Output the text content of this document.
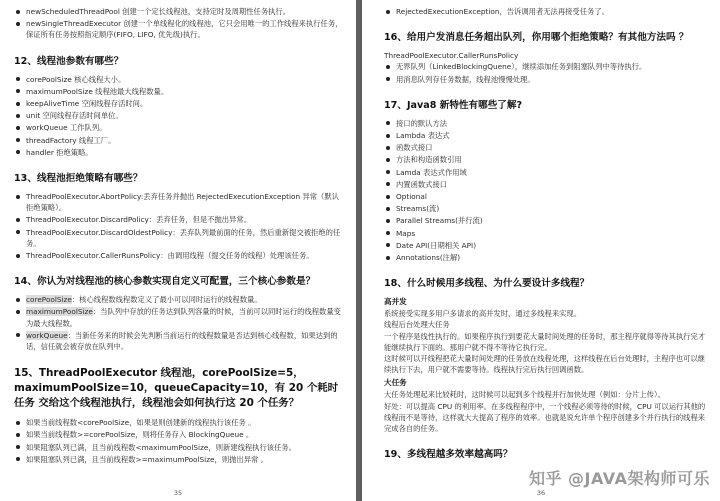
newScheduledThreadPool 创建一个定长线程池，支持定时及周期性任务执行。
newSingleThreadExecutor 创建一个单线程化的线程池，它只会用唯一的工作线程来执行任务，保证所有任务按照指定顺序(FIFO, LIFO, 优先级)执行。
12、线程池参数有哪些？
corePoolSize 核心线程大小。
maximumPoolSize 线程池最大线程数量。
keepAliveTime 空闲线程存活时间。
unit 空间线程存活时间单位。
workQueue 工作队列。
threadFactory 线程工厂。
handler 拒绝策略。
13、线程池拒绝策略有哪些？
ThreadPoolExecutor.AbortPolicy:丢弃任务并抛出 RejectedExecutionException 异常（默认拒绝策略）。
ThreadPoolExecutor.DiscardPolicy：丢弃任务，但是不抛出异常。
ThreadPoolExecutor.DiscardOldestPolicy：丢弃队列最前面的任务，然后重新提交被拒绝的任务。
ThreadPoolExecutor.CallerRunsPolicy：由调用线程（提交任务的线程）处理该任务。
14、你认为对线程池的核心参数实现自定义可配置，三个核心参数是？
corePoolSize：核心线程数线程数定义了最小可以同时运行的线程数量。
maximumPoolSize：当队列中存放的任务达到队列容量的时候，当前可以同时运行的线程数量变为最大线程数。
workQueue：当新任务来的时候会先判断当前运行的线程数量是否达到核心线程数，如果达到的话，信任就会被存放在队列中。
15、ThreadPoolExecutor 线程池，corePoolSize=5，maximumPoolSize=10，queueCapacity=10，有 20 个耗时任务 交给这个线程池执行，线程池会如何执行这 20 个任务？
如果当前线程数<corePoolSize，如果是则创建新的线程执行该任务 。
如果当前线程数>=corePoolSize，则将任务存入 BlockingQueue 。
如果阻塞队列已满，且当前线程数<maximumPoolSize，则新建线程执行该任务。
如果阻塞队列已满，且当前线程数>=maximumPoolSize，则抛出异常 。
35
RejectedExecutionException，告诉调用者无法再接受任务了。
16、给用户发消息任务超出队列，你用哪个拒绝策略？有其他方法吗 ？

ThreadPoolExecutor.CallerRunsPolicy

无界队列（LinkedBlockingQuene），继续添加任务到阻塞队列中等待执行。
用消息队列存任务数据，线程池慢慢处理。
17、Java8 新特性有哪些了解?
接口的默认方法
Lambda 表达式
函数式接口
方法和构造函数引用
Lamda 表达式作用域
内置函数式接口
Optional
Streams(流)
Parallel Streams(并行流)
Maps
Date API(日期相关 API)
Annotations(注解)
18、什么时候用多线程、为什么要设计多线程？
高并发

系统接受实现多用户多请求的高并发时，通过多线程来实现。

线程后台处理大任务

一个程序是线性执行的。如果程序执行到要花大量时间处理的任务时，那主程序就得等待其执行完才能继续执行下面的。那用户就不得不等待它执行完。

这时候可以开线程把花大量时间处理的任务放在线程处理，这样线程在后台处理时，主程序也可以继续执行下去，用户就不需要等待。线程执行完后执行回调函数。

大任务

大任务处理起来比较耗时，这时候可以起到多个线程并行加快处理（例如：分片上传）。

好处：可以提高 CPU 的利用率。在多线程程序中，一个线程必须等待的时候，CPU 可以运行其他的线程而不是等待，这样就大大提高了程序的效率。也就是说允许单个程序创建多个并行执行的线程来完成各自的任务。

19、多线程越多效率越高吗？
36
知乎 @JAVA架构师可乐
